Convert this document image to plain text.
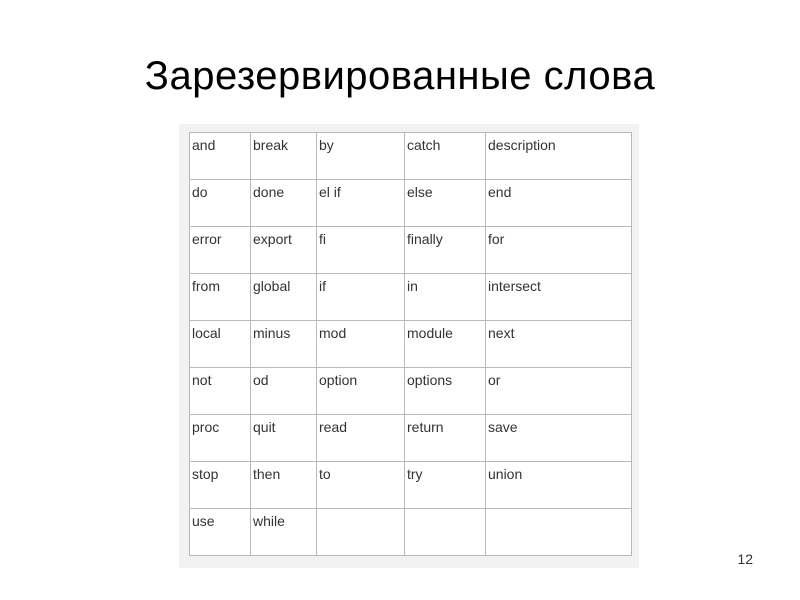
Зарезервированные слова
and	break	by	catch	description
do	done	el if	else	end
error	export	fi	finally	for
from	global	if	in	intersect
local	minus	mod	module	next
not	od	option	options	or
proc	quit	read	return	save
stop	then	to	try	union
use	while			
12
